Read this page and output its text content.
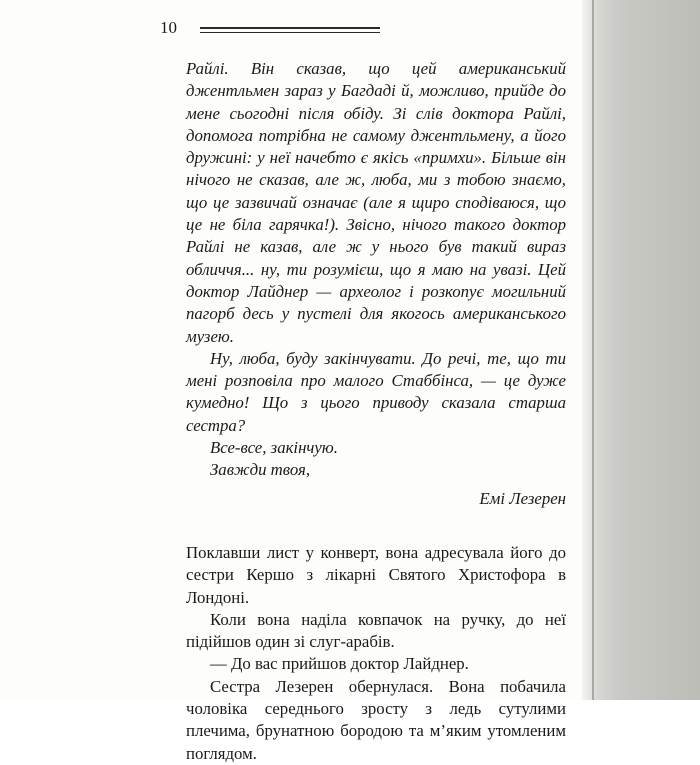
10

Райлі. Він сказав, що цей американський джентльмен зараз у Багдаді й, можливо, прийде до мене сьогодні після обіду. Зі слів доктора Райлі, допомога потрібна не самому джентльмену, а його дружині: у неї начебто є якісь «примхи». Більше він нічого не сказав, але ж, люба, ми з тобою знаємо, що це зазвичай означає (але я щиро сподіваюся, що це не біла гарячка!). Звісно, нічого такого доктор Райлі не казав, але ж у нього був такий вираз обличчя... ну, ти розумієш, що я маю на увазі. Цей доктор Лайднер — археолог і розкопує могильний пагорб десь у пустелі для якогось американського музею.

Ну, люба, буду закінчувати. До речі, те, що ти мені розповіла про малого Стаббінса, — це дуже кумедно! Що з цього приводу сказала старша сестра?

Все-все, закінчую.

Завжди твоя,

Емі Лезерен

Поклавши лист у конверт, вона адресувала його до сестри Кершо з лікарні Святого Христофора в Лондоні.

Коли вона наділа ковпачок на ручку, до неї підійшов один зі слуг-арабів.

— До вас прийшов доктор Лайднер.

Сестра Лезерен обернулася. Вона побачила чоловіка середнього зросту з ледь сутулими плечима, брунатною бородою та м’яким утомленим поглядом.
